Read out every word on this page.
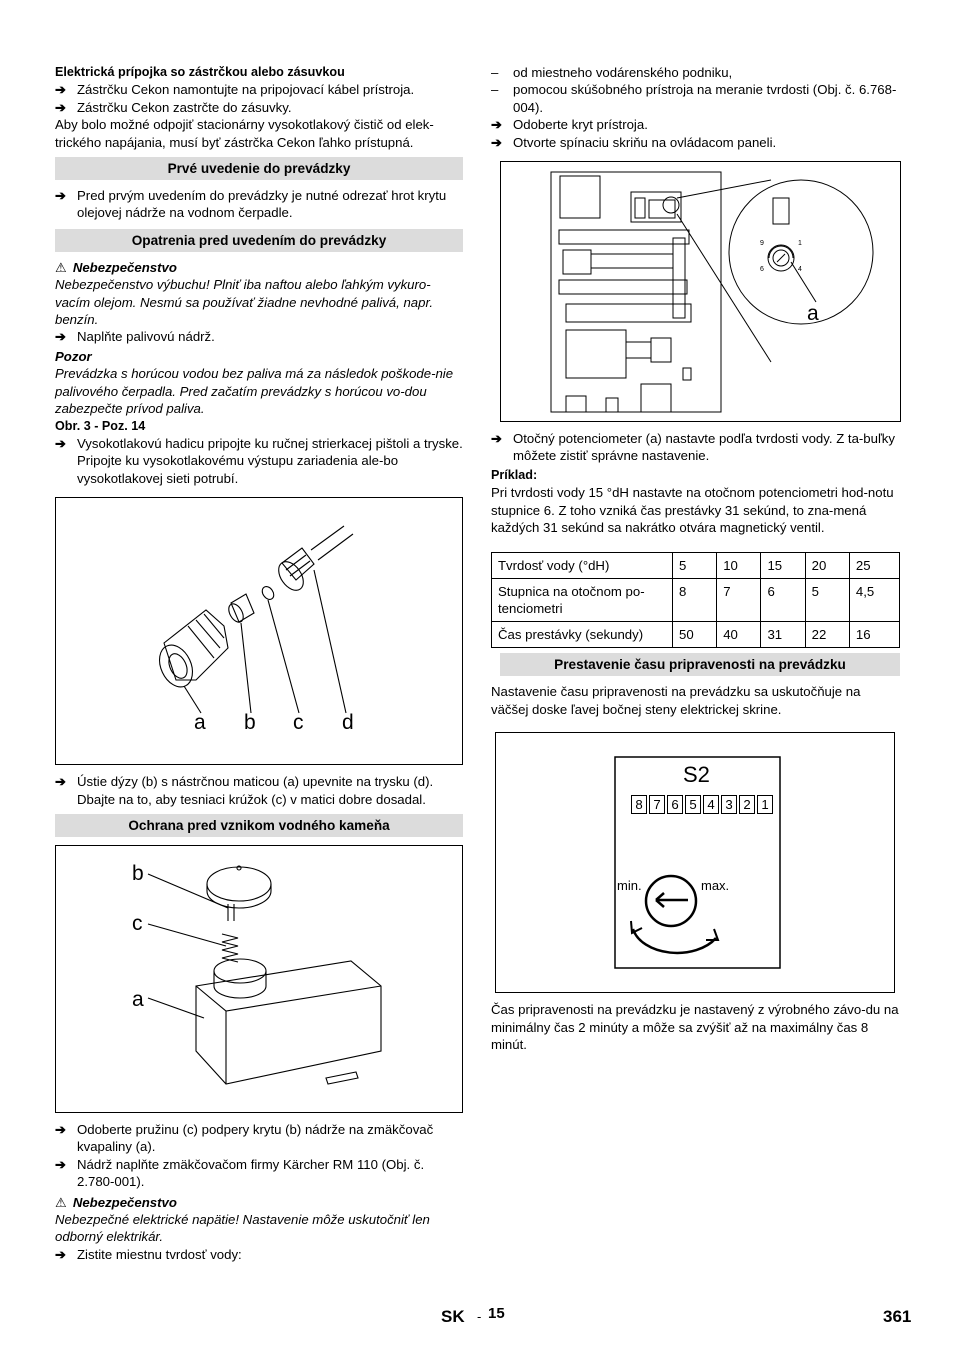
Elektrická prípojka so zástrčkou alebo zásuvkou

➔ Zástrčku Cekon namontujte na pripojovací kábel prístroja.

➔ Zástrčku Cekon zastrčte do zásuvky.

Aby bolo možné odpojiť stacionárny vysokotlakový čistič od elek-trického napájania, musí byť zástrčka Cekon ľahko prístupná.

Prvé uvedenie do prevádzky

➔ Pred prvým uvedením do prevádzky je nutné odrezať hrot krytu olejovej nádrže na vodnom čerpadle.

Opatrenia pred uvedením do prevádzky

⚠ Nebezpečenstvo

Nebezpečenstvo výbuchu! Plniť iba naftou alebo ľahkým vykuro-vacím olejom. Nesmú sa používať žiadne nevhodné palivá, napr. benzín.

➔ Naplňte palivovú nádrž.

Pozor

Prevádzka s horúcou vodou bez paliva má za následok poškode-nie palivového čerpadla. Pred začatím prevádzky s horúcou vo-dou zabezpečte prívod paliva.

Obr. 3 - Poz. 14

➔ Vysokotlakovú hadicu pripojte ku ručnej strierkacej pištoli a tryske. Pripojte ku vysokotlakovému výstupu zariadenia ale-bo vysokotlakovej sieti potrubí.

a b c d

➔ Ústie dýzy (b) s nástrčnou maticou (a) upevnite na trysku (d). Dbajte na to, aby tesniaci krúžok (c) v matici dobre dosadal.

Ochrana pred vznikom vodného kameňa
b
c
a

➔ Odoberte pružinu (c) podpery krytu (b) nádrže na zmäkčovač kvapaliny (a).

➔ Nádrž naplňte zmäkčovačom firmy Kärcher RM 110 (Obj. č. 2.780-001).

⚠ Nebezpečenstvo

Nebezpečné elektrické napätie! Nastavenie môže uskutočniť len odborný elektrikár.

➔ Zistite miestnu tvrdosť vody:

– od miestneho vodárenského podniku,

– pomocou skúšobného prístroja na meranie tvrdosti (Obj. č. 6.768-004).

➔ Odoberte kryt prístroja.

➔ Otvorte spínaciu skriňu na ovládacom paneli.

a
9	1
6	4

➔ Otočný potenciometer (a) nastavte podľa tvrdosti vody. Z ta-buľky môžete zistiť správne nastavenie.

Príklad:

Pri tvrdosti vody 15 °dH nastavte na otočnom potenciometri hod-notu stupnice 6. Z toho vzniká čas prestávky 31 sekúnd, to zna-mená každých 31 sekúnd sa nakrátko otvára magnetický ventil.

Tvrdosť vody (°dH)	5	10	15	20	25
Stupnica na otočnom po-tenciometri	8	7	6	5	4,5
Čas prestávky (sekundy)	50	40	31	22	16
Prestavenie času pripravenosti na prevádzku

Nastavenie času pripravenosti na prevádzku sa uskutočňuje na väčšej doske ľavej bočnej steny elektrickej skrine.

S2
8 7 6 5 4 3 2 1
min.	max.

Čas pripravenosti na prevádzku je nastavený z výrobného závo-du na minimálny čas 2 minúty a môže sa zvýšiť až na maximálny čas 8 minút.

SK - 15	361
